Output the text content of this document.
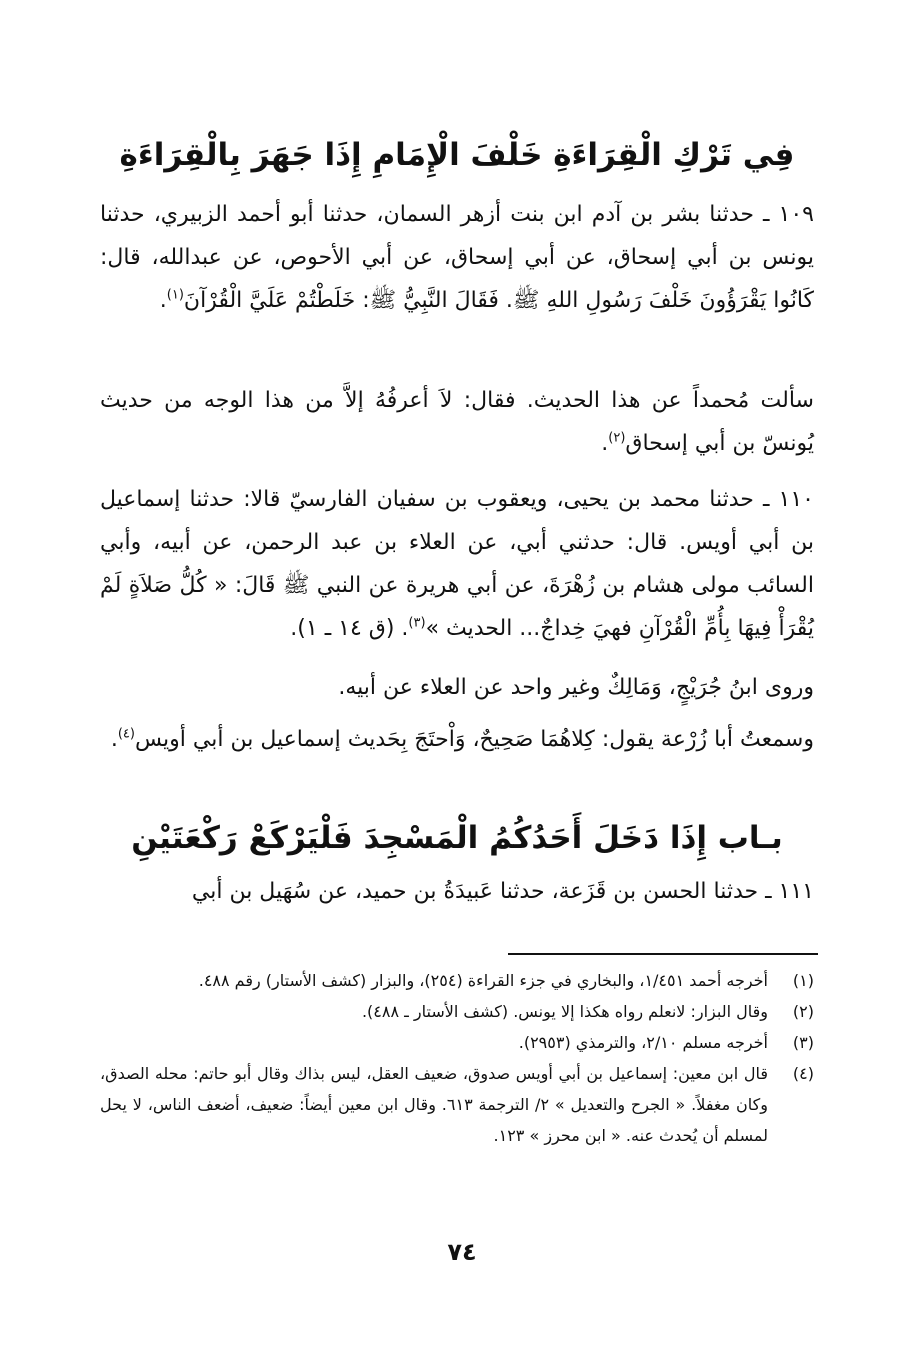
فِي تَرْكِ الْقِرَاءَةِ خَلْفَ الْإِمَامِ إِذَا جَهَرَ بِالْقِرَاءَةِ

١٠٩ ـ حدثنا بشر بن آدم ابن بنت أزهر السمان، حدثنا أبو أحمد الزبيري، حدثنا يونس بن أبي إسحاق، عن أبي إسحاق، عن أبي الأحوص، عن عبدالله، قال: كَانُوا يَقْرَؤُونَ خَلْفَ رَسُولِ اللهِ ﷺ. فَقَالَ النَّبِيُّ ﷺ: خَلَطْتُمْ عَلَيَّ الْقُرْآنَ$^{(١)}$.

سألت مُحمداً عن هذا الحديث. فقال: لاَ أعرفُهُ إلاَّ من هذا الوجه من حديث يُونسّ بن أبي إسحاق$^{(٢)}$.

١١٠ ـ حدثنا محمد بن يحيى، ويعقوب بن سفيان الفارسيّ قالا: حدثنا إسماعيل بن أبي أويس. قال: حدثني أبي، عن العلاء بن عبد الرحمن، عن أبيه، وأبي السائب مولى هشام بن زُهْرَةَ، عن أبي هريرة عن النبي ﷺ قَالَ: « كُلُّ صَلاَةٍ لَمْ يُقْرَأْ فِيهَا بِأُمِّ الْقُرْآنِ فهيَ خِداجٌ... الحديث »$^{(٣)}$. (ق ١٤ ـ ١).

وروى ابنُ جُرَيْجٍ، وَمَالِكٌ وغير واحد عن العلاء عن أبيه.

وسمعتُ أبا زُرْعة يقول: كِلاهُمَا صَحِيحٌ، وَاْحتَجَ بِحَديث إسماعيل بن أبي أويس$^{(٤)}$.

بـاب إِذَا دَخَلَ أَحَدُكُمُ الْمَسْجِدَ فَلْيَرْكَعْ رَكْعَتَيْنِ

١١١ ـ حدثنا الحسن بن قَزَعة، حدثنا عَبيدَةُ بن حميد، عن سُهَيل بن أبي

(١)
أخرجه أحمد ١/٤٥١، والبخاري في جزء القراءة (٢٥٤)، والبزار (كشف الأستار) رقم ٤٨٨.
(٢)
وقال البزار: لانعلم رواه هكذا إلا يونس. (كشف الأستار ـ ٤٨٨).
(٣)
أخرجه مسلم ٢/١٠، والترمذي (٢٩٥٣).
(٤)
قال ابن معين: إسماعيل بن أبي أويس صدوق، ضعيف العقل، ليس بذاك وقال أبو حاتم: محله الصدق، وكان مغفلاً. « الجرح والتعديل » ٢/ الترجمة ٦١٣. وقال ابن معين أيضاً: ضعيف، أضعف الناس، لا يحل لمسلم أن يُحدث عنه. « ابن محرز » ١٢٣.
٧٤
